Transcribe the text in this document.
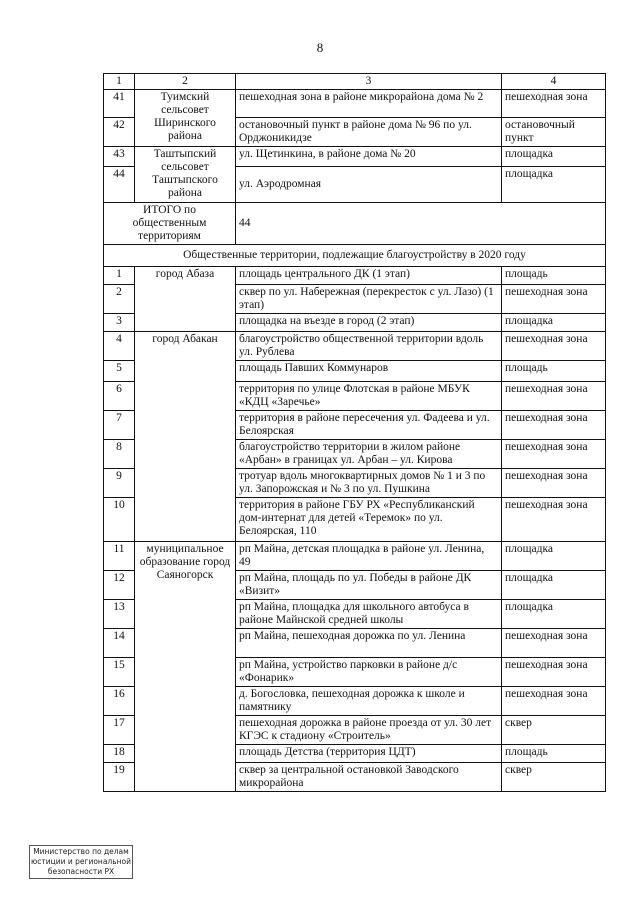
8
1	2	3	4
41	Туимский сельсовет Ширинского района	пешеходная зона в районе микрорайона дома № 2	пешеходная зона
42		остановочный пункт в районе дома № 96 по ул. Орджоникидзе	остановочный пункт
43	Таштыпский сельсовет Таштыпского района	ул. Щетинкина, в районе дома № 20	площадка
44		ул. Аэродромная	площадка
ИТОГО по общественным территориям		44	
Общественные территории, подлежащие благоустройству в 2020 году			
1	город Абаза	площадь центрального ДК (1 этап)	площадь
2		сквер по ул. Набережная (перекресток с ул. Лазо) (1 этап)	пешеходная зона
3		площадка на въезде в город (2 этап)	площадка
4	город Абакан	благоустройство общественной территории вдоль ул. Рублева	пешеходная зона
5		площадь Павших Коммунаров	площадь
6		территория по улице Флотская в районе МБУК «КДЦ «Заречье»	пешеходная зона
7		территория в районе пересечения ул. Фадеева и ул. Белоярская	пешеходная зона
8		благоустройство территории в жилом районе «Арбан» в границах ул. Арбан – ул. Кирова	пешеходная зона
9		тротуар вдоль многоквартирных домов № 1 и 3 по ул. Запорожская и № 3 по ул. Пушкина	пешеходная зона
10		территория в районе ГБУ РХ «Республиканский дом-интернат для детей «Теремок» по ул. Белоярская, 110	пешеходная зона
11	муниципальное образование город Саяногорск	рп Майна, детская площадка в районе ул. Ленина, 49	площадка
12		рп Майна, площадь по ул. Победы в районе ДК «Визит»	площадка
13		рп Майна, площадка для школьного автобуса в районе Майнской средней школы	площадка
14		рп Майна, пешеходная дорожка по ул. Ленина	пешеходная зона
15		рп Майна, устройство парковки в районе д/с «Фонарик»	пешеходная зона
16		д. Богословка, пешеходная дорожка к школе и памятнику	пешеходная зона
17		пешеходная дорожка в районе проезда от ул. 30 лет КГЭС к стадиону «Строитель»	сквер
18		площадь Детства (территория ЦДТ)	площадь
19		сквер за центральной остановкой Заводского микрорайона	сквер
Министерство по делам
юстиции и региональной
безопасности РХ
